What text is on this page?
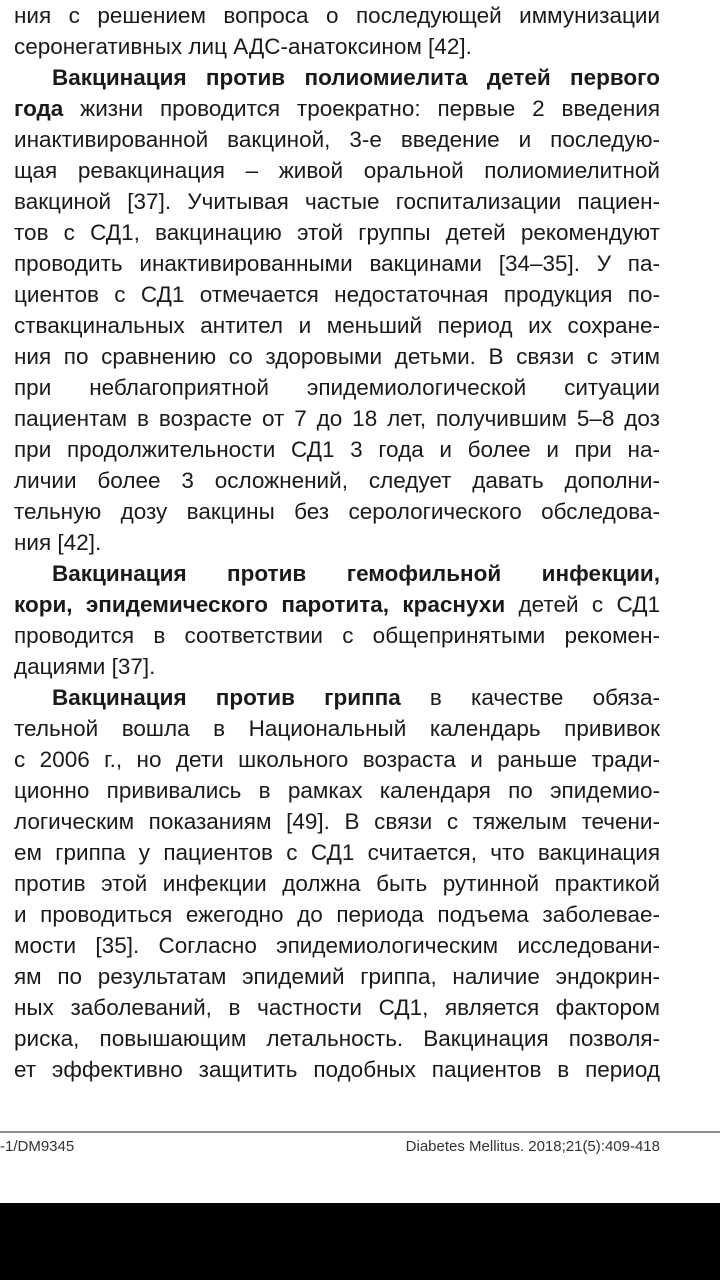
ния с решением вопроса о последующей иммунизации
серонегативных лиц АДС-анатоксином [42].
Вакцинация против полиомиелита детей первого
года жизни проводится троекратно: первые 2 введения
инактивированной вакциной, 3-е введение и последую-
щая ревакцинация – живой оральной полиомиелитной
вакциной [37]. Учитывая частые госпитализации пациен-
тов с СД1, вакцинацию этой группы детей рекомендуют
проводить инактивированными вакцинами [34–35]. У па-
циентов с СД1 отмечается недостаточная продукция по-
ствакцинальных антител и меньший период их сохране-
ния по сравнению со здоровыми детьми. В связи с этим
при неблагоприятной эпидемиологической ситуации
пациентам в возрасте от 7 до 18 лет, получившим 5–8 доз
при продолжительности СД1 3 года и более и при на-
личии более 3 осложнений, следует давать дополни-
тельную дозу вакцины без серологического обследова-
ния [42].
Вакцинация против гемофильной инфекции,
кори, эпидемического паротита, краснухи детей с СД1
проводится в соответствии с общепринятыми рекомен-
дациями [37].
Вакцинация против гриппа в качестве обяза-
тельной вошла в Национальный календарь прививок
с 2006 г., но дети школьного возраста и раньше тради-
ционно прививались в рамках календаря по эпидемио-
логическим показаниям [49]. В связи с тяжелым течени-
ем гриппа у пациентов с СД1 считается, что вакцинация
против этой инфекции должна быть рутинной практикой
и проводиться ежегодно до периода подъема заболевае-
мости [35]. Согласно эпидемиологическим исследовани-
ям по результатам эпидемий гриппа, наличие эндокрин-
ных заболеваний, в частности СД1, является фактором
риска, повышающим летальность. Вакцинация позволя-
ет эффективно защитить подобных пациентов в период
-1/DM9345	Diabetes Mellitus. 2018;21(5):409-418
